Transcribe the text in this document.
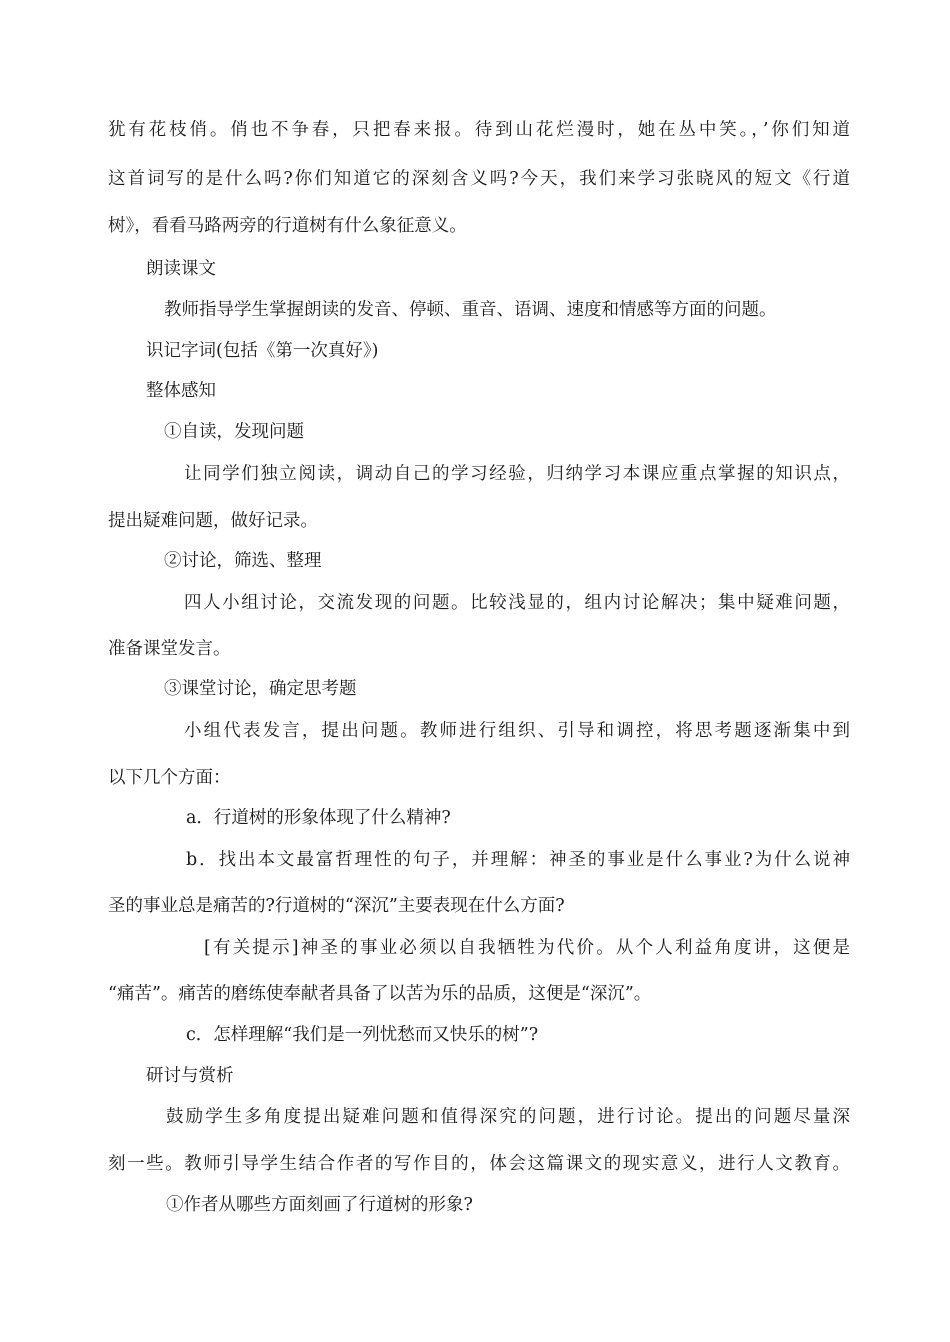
犹有花枝俏。俏也不争春，只把春来报。待到山花烂漫时，她在丛中笑。，’你们知道
这首词写的是什么吗?你们知道它的深刻含义吗?今天，我们来学习张晓风的短文《行道
树》，看看马路两旁的行道树有什么象征意义。
朗读课文
教师指导学生掌握朗读的发音、停顿、重音、语调、速度和情感等方面的问题。
识记字词(包括《第一次真好》)
整体感知
①自读，发现问题
让同学们独立阅读，调动自己的学习经验，归纳学习本课应重点掌握的知识点，
提出疑难问题，做好记录。
②讨论，筛选、整理
四人小组讨论，交流发现的问题。比较浅显的，组内讨论解决；集中疑难问题，
准备课堂发言。
③课堂讨论，确定思考题
小组代表发言，提出问题。教师进行组织、引导和调控，将思考题逐渐集中到
以下几个方面：
a．行道树的形象体现了什么精神?
b．找出本文最富哲理性的句子，并理解：神圣的事业是什么事业?为什么说神
圣的事业总是痛苦的?行道树的“深沉”主要表现在什么方面?
[有关提示]神圣的事业必须以自我牺牲为代价。从个人利益角度讲，这便是
“痛苦”。痛苦的磨练使奉献者具备了以苦为乐的品质，这便是“深沉”。
c．怎样理解“我们是一列忧愁而又快乐的树”?
研讨与赏析
鼓励学生多角度提出疑难问题和值得深究的问题，进行讨论。提出的问题尽量深
刻一些。教师引导学生结合作者的写作目的，体会这篇课文的现实意义，进行人文教育。
①作者从哪些方面刻画了行道树的形象?
